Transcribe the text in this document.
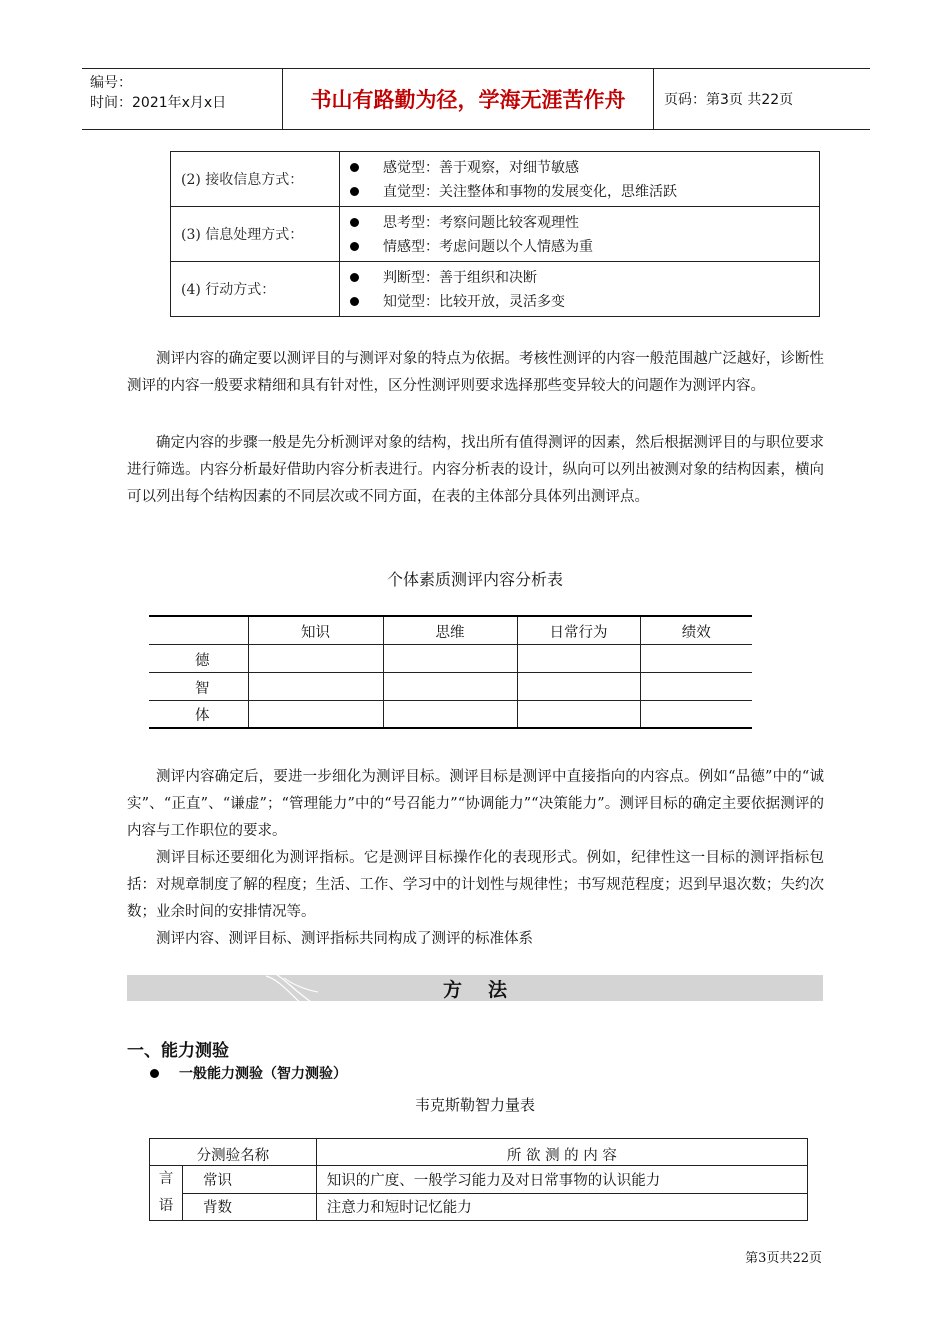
编号：
时间：2021年x月x日	书山有路勤为径，学海无涯苦作舟	页码：第3页 共22页
(2) 接收信息方式：	感觉型：善于观察，对细节敏感
直觉型：关注整体和事物的发展变化，思维活跃

(3) 信息处理方式：	思考型：考察问题比较客观理性
情感型：考虑问题以个人情感为重

(4) 行动方式：	判断型：善于组织和决断
知觉型：比较开放，灵活多变

测评内容的确定要以测评目的与测评对象的特点为依据。考核性测评的内容一般范围越广泛越好，诊断性测评的内容一般要求精细和具有针对性，区分性测评则要求选择那些变异较大的问题作为测评内容。

确定内容的步骤一般是先分析测评对象的结构，找出所有值得测评的因素，然后根据测评目的与职位要求进行筛选。内容分析最好借助内容分析表进行。内容分析表的设计，纵向可以列出被测对象的结构因素，横向可以列出每个结构因素的不同层次或不同方面，在表的主体部分具体列出测评点。

个体素质测评内容分析表
	知识	思维	日常行为	绩效
德				
智				
体				

测评内容确定后，要进一步细化为测评目标。测评目标是测评中直接指向的内容点。例如“品德”中的“诚实”、“正直”、“谦虚”；“管理能力”中的“号召能力”“协调能力”“决策能力”。测评目标的确定主要依据测评的内容与工作职位的要求。

测评目标还要细化为测评指标。它是测评目标操作化的表现形式。例如，纪律性这一目标的测评指标包括：对规章制度了解的程度；生活、工作、学习中的计划性与规律性；书写规范程度；迟到早退次数；失约次数；业余时间的安排情况等。

测评内容、测评目标、测评指标共同构成了测评的标准体系

方法
一、能力测验
一般能力测验（智力测验）
韦克斯勒智力量表
分测验名称		所 欲 测 的 内 容

言
语	常识	知识的广度、一般学习能力及对日常事物的认识能力
	背数	注意力和短时记忆能力
第3页共22页
